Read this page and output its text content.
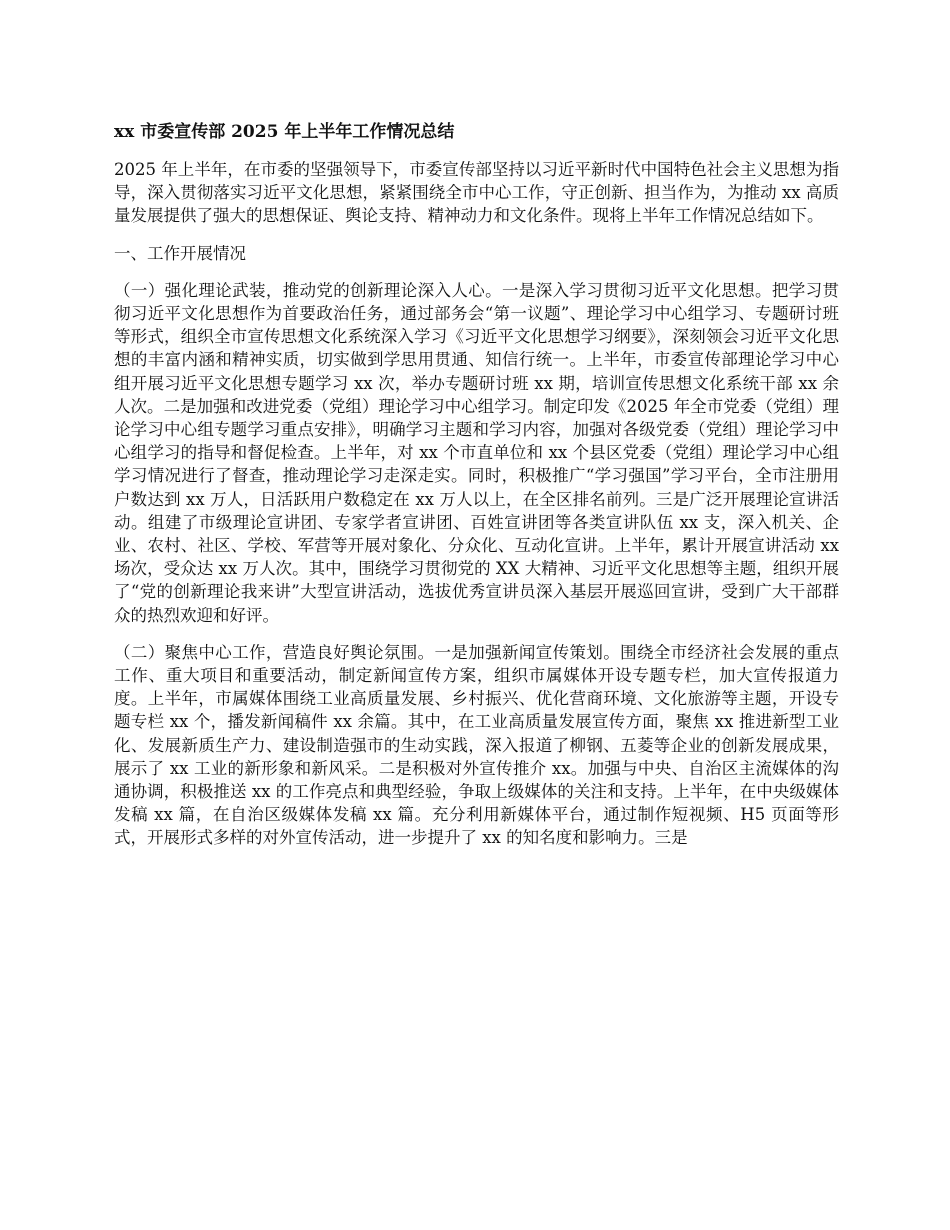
xx 市委宣传部 2025 年上半年工作情况总结

2025 年上半年，在市委的坚强领导下，市委宣传部坚持以习近平新时代中国特色社会主义思想为指导，深入贯彻落实习近平文化思想，紧紧围绕全市中心工作，守正创新、担当作为，为推动 xx 高质量发展提供了强大的思想保证、舆论支持、精神动力和文化条件。现将上半年工作情况总结如下。

一、工作开展情况

（一）强化理论武装，推动党的创新理论深入人心。一是深入学习贯彻习近平文化思想。把学习贯彻习近平文化思想作为首要政治任务，通过部务会“第一议题”、理论学习中心组学习、专题研讨班等形式，组织全市宣传思想文化系统深入学习《习近平文化思想学习纲要》，深刻领会习近平文化思想的丰富内涵和精神实质，切实做到学思用贯通、知信行统一。上半年，市委宣传部理论学习中心组开展习近平文化思想专题学习 xx 次，举办专题研讨班 xx 期，培训宣传思想文化系统干部 xx 余人次。二是加强和改进党委（党组）理论学习中心组学习。制定印发《2025 年全市党委（党组）理论学习中心组专题学习重点安排》，明确学习主题和学习内容，加强对各级党委（党组）理论学习中心组学习的指导和督促检查。上半年，对 xx 个市直单位和 xx 个县区党委（党组）理论学习中心组学习情况进行了督查，推动理论学习走深走实。同时，积极推广“学习强国”学习平台，全市注册用户数达到 xx 万人，日活跃用户数稳定在 xx 万人以上，在全区排名前列。三是广泛开展理论宣讲活动。组建了市级理论宣讲团、专家学者宣讲团、百姓宣讲团等各类宣讲队伍 xx 支，深入机关、企业、农村、社区、学校、军营等开展对象化、分众化、互动化宣讲。上半年，累计开展宣讲活动 xx 场次，受众达 xx 万人次。其中，围绕学习贯彻党的 XX 大精神、习近平文化思想等主题，组织开展了“党的创新理论我来讲”大型宣讲活动，选拔优秀宣讲员深入基层开展巡回宣讲，受到广大干部群众的热烈欢迎和好评。

（二）聚焦中心工作，营造良好舆论氛围。一是加强新闻宣传策划。围绕全市经济社会发展的重点工作、重大项目和重要活动，制定新闻宣传方案，组织市属媒体开设专题专栏，加大宣传报道力度。上半年，市属媒体围绕工业高质量发展、乡村振兴、优化营商环境、文化旅游等主题，开设专题专栏 xx 个，播发新闻稿件 xx 余篇。其中，在工业高质量发展宣传方面，聚焦 xx 推进新型工业化、发展新质生产力、建设制造强市的生动实践，深入报道了柳钢、五菱等企业的创新发展成果，展示了 xx 工业的新形象和新风采。二是积极对外宣传推介 xx。加强与中央、自治区主流媒体的沟通协调，积极推送 xx 的工作亮点和典型经验，争取上级媒体的关注和支持。上半年，在中央级媒体发稿 xx 篇，在自治区级媒体发稿 xx 篇。充分利用新媒体平台，通过制作短视频、H5 页面等形式，开展形式多样的对外宣传活动，进一步提升了 xx 的知名度和影响力。三是
